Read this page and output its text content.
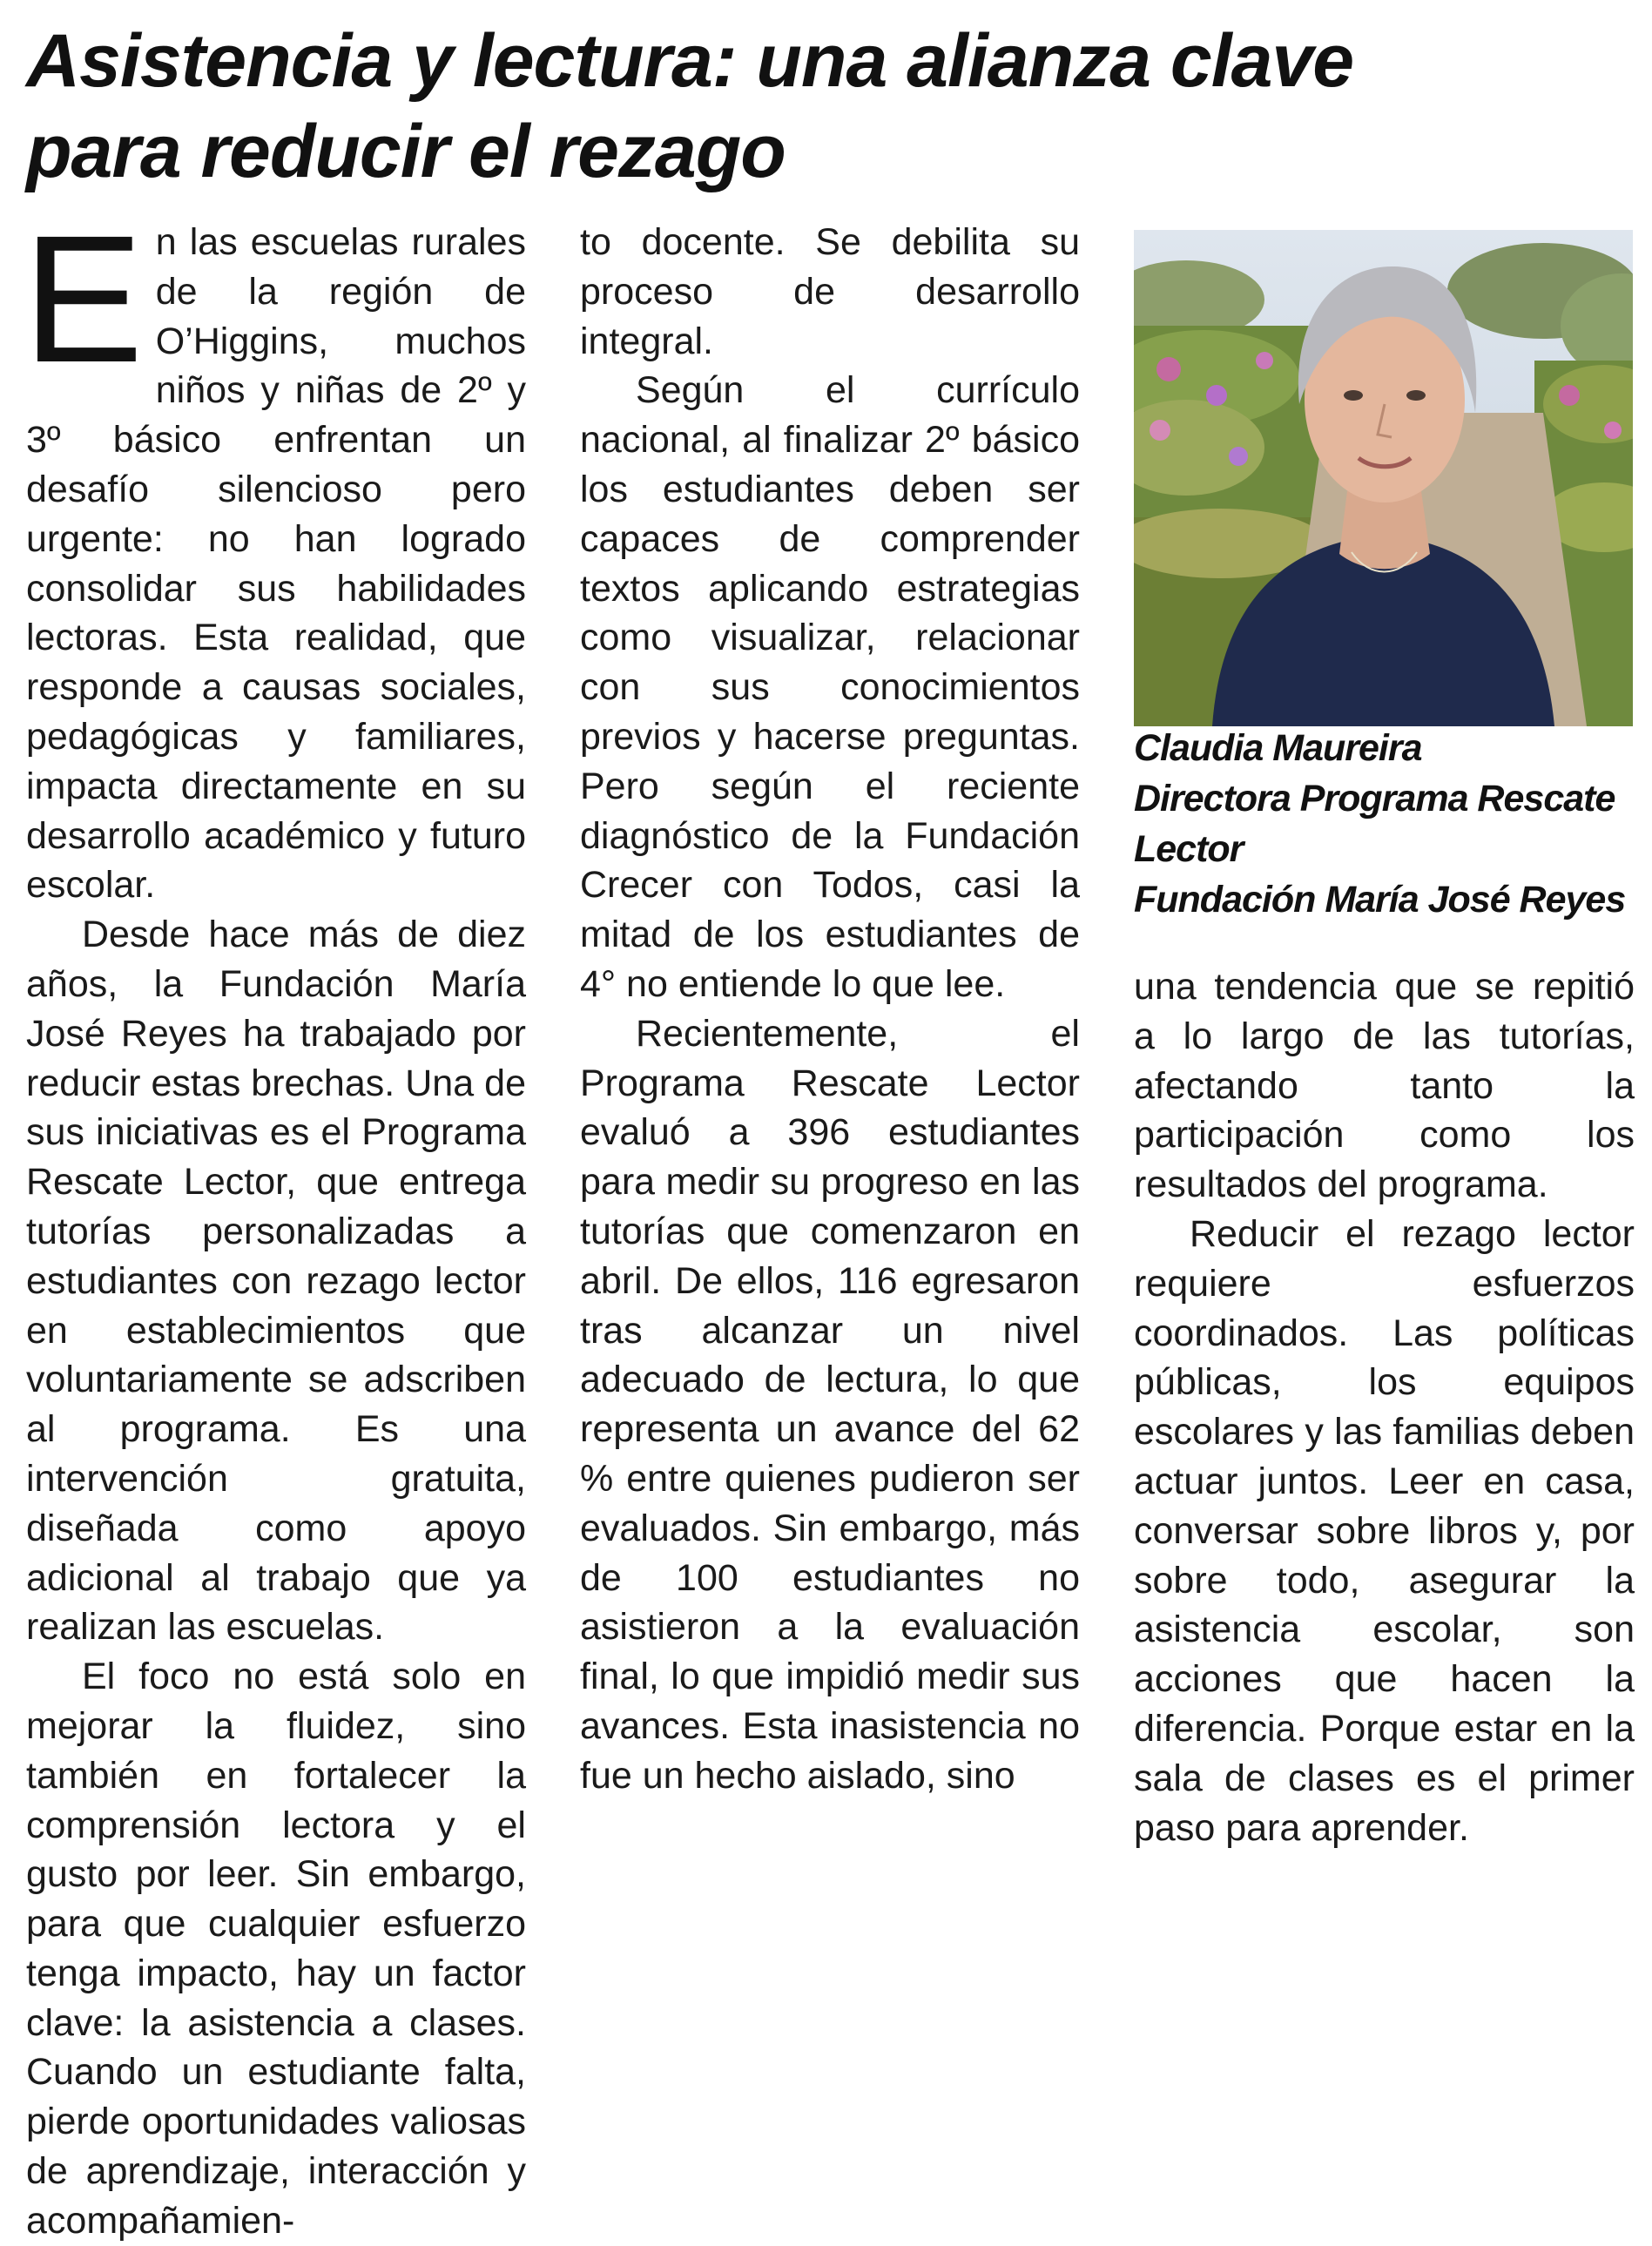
Asistencia y lectura: una alianza clave
para reducir el rezago

En las escuelas rurales de la región de O’Higgins, muchos niños y niñas de 2º y 3º básico enfrentan un desafío silencioso pero urgente: no han logrado consolidar sus habilidades lectoras. Esta realidad, que responde a causas sociales, pedagógicas y familiares, impacta directamente en su desarrollo académico y futuro escolar.

Desde hace más de diez años, la Fundación María José Reyes ha trabajado por reducir estas brechas. Una de sus iniciativas es el Programa Rescate Lector, que entrega tutorías personalizadas a estudiantes con rezago lector en establecimientos que voluntariamente se adscriben al programa. Es una intervención gratuita, diseñada como apoyo adicional al trabajo que ya realizan las escuelas.

El foco no está solo en mejorar la fluidez, sino también en fortalecer la comprensión lectora y el gusto por leer. Sin embargo, para que cualquier esfuerzo tenga impacto, hay un factor clave: la asistencia a clases. Cuando un estudiante falta, pierde oportunidades valiosas de aprendizaje, interacción y acompañamien-

to docente. Se debilita su proceso de desarrollo integral.

Según el currículo nacional, al finalizar 2º básico los estudiantes deben ser capaces de comprender textos aplicando estrategias como visualizar, relacionar con sus conocimientos previos y hacerse preguntas. Pero según el reciente diagnóstico de la Fundación Crecer con Todos, casi la mitad de los estudiantes de 4° no entiende lo que lee.

Recientemente, el Programa Rescate Lector evaluó a 396 estudiantes para medir su progreso en las tutorías que comenzaron en abril. De ellos, 116 egresaron tras alcanzar un nivel adecuado de lectura, lo que representa un avance del 62 % entre quienes pudieron ser evaluados. Sin embargo, más de 100 estudiantes no asistieron a la evaluación final, lo que impidió medir sus avances. Esta inasistencia no fue un hecho aislado, sino

Claudia Maureira
Directora Programa Rescate
Lector
Fundación María José Reyes

una tendencia que se repitió a lo largo de las tutorías, afectando tanto la participación como los resultados del programa.

Reducir el rezago lector requiere esfuerzos coordinados. Las políticas públicas, los equipos escolares y las familias deben actuar juntos. Leer en casa, conversar sobre libros y, por sobre todo, asegurar la asistencia escolar, son acciones que hacen la diferencia. Porque estar en la sala de clases es el primer paso para aprender.
